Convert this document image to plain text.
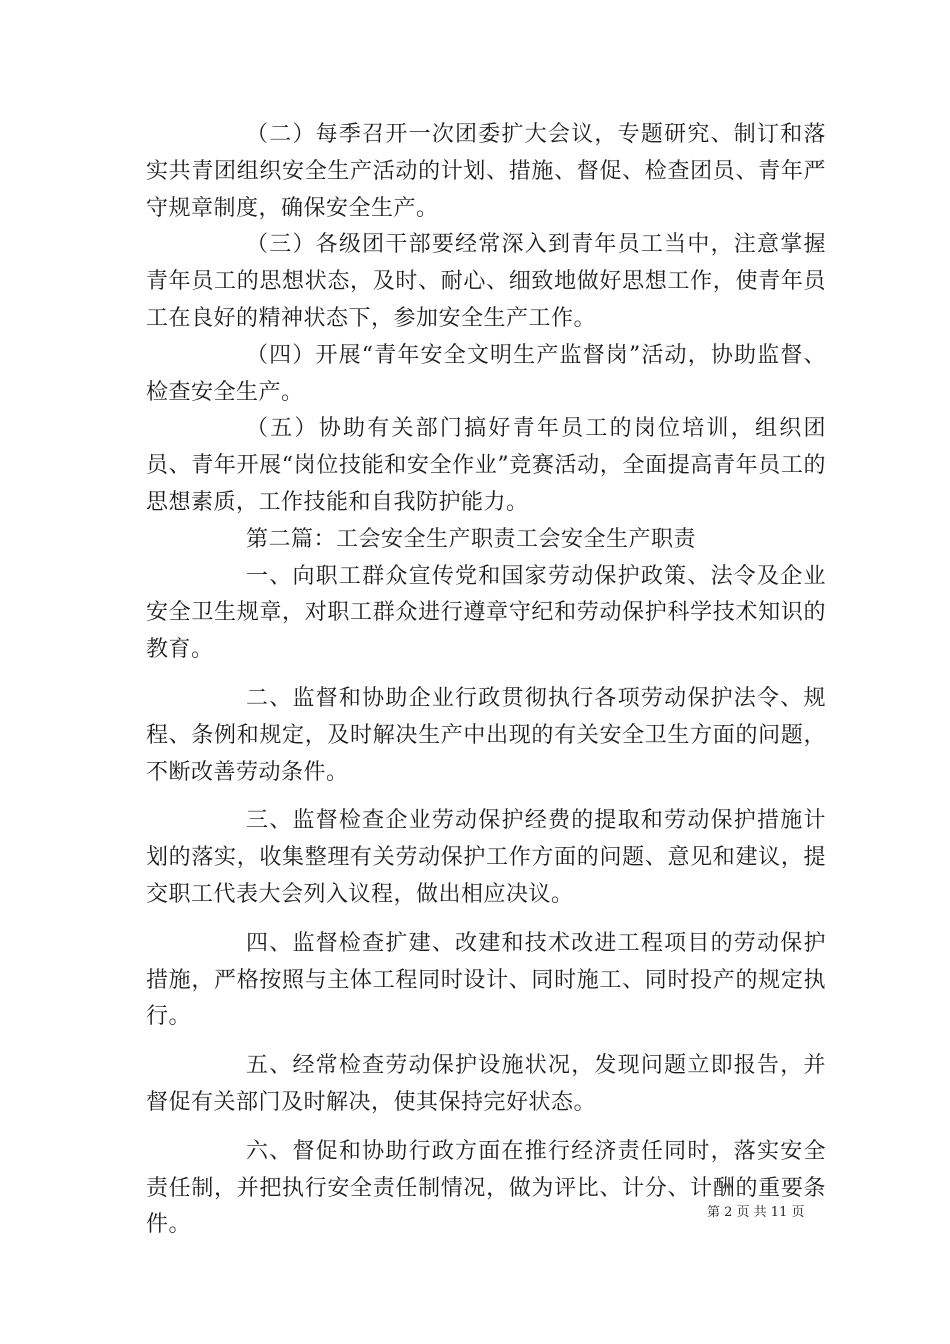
（二）每季召开一次团委扩大会议，专题研究、制订和落实共青团组织安全生产活动的计划、措施、督促、检查团员、青年严守规章制度，确保安全生产。

（三）各级团干部要经常深入到青年员工当中，注意掌握青年员工的思想状态，及时、耐心、细致地做好思想工作，使青年员工在良好的精神状态下，参加安全生产工作。

（四）开展“青年安全文明生产监督岗”活动，协助监督、检查安全生产。

（五）协助有关部门搞好青年员工的岗位培训，组织团员、青年开展“岗位技能和安全作业”竞赛活动，全面提高青年员工的思想素质，工作技能和自我防护能力。

第二篇：工会安全生产职责工会安全生产职责

一、向职工群众宣传党和国家劳动保护政策、法令及企业安全卫生规章，对职工群众进行遵章守纪和劳动保护科学技术知识的教育。

二、监督和协助企业行政贯彻执行各项劳动保护法令、规程、条例和规定，及时解决生产中出现的有关安全卫生方面的问题，不断改善劳动条件。

三、监督检查企业劳动保护经费的提取和劳动保护措施计划的落实，收集整理有关劳动保护工作方面的问题、意见和建议，提交职工代表大会列入议程，做出相应决议。

四、监督检查扩建、改建和技术改进工程项目的劳动保护措施，严格按照与主体工程同时设计、同时施工、同时投产的规定执行。

五、经常检查劳动保护设施状况，发现问题立即报告，并督促有关部门及时解决，使其保持完好状态。

六、督促和协助行政方面在推行经济责任同时，落实安全责任制，并把执行安全责任制情况，做为评比、计分、计酬的重要条件。	第 2 页 共 11 页
